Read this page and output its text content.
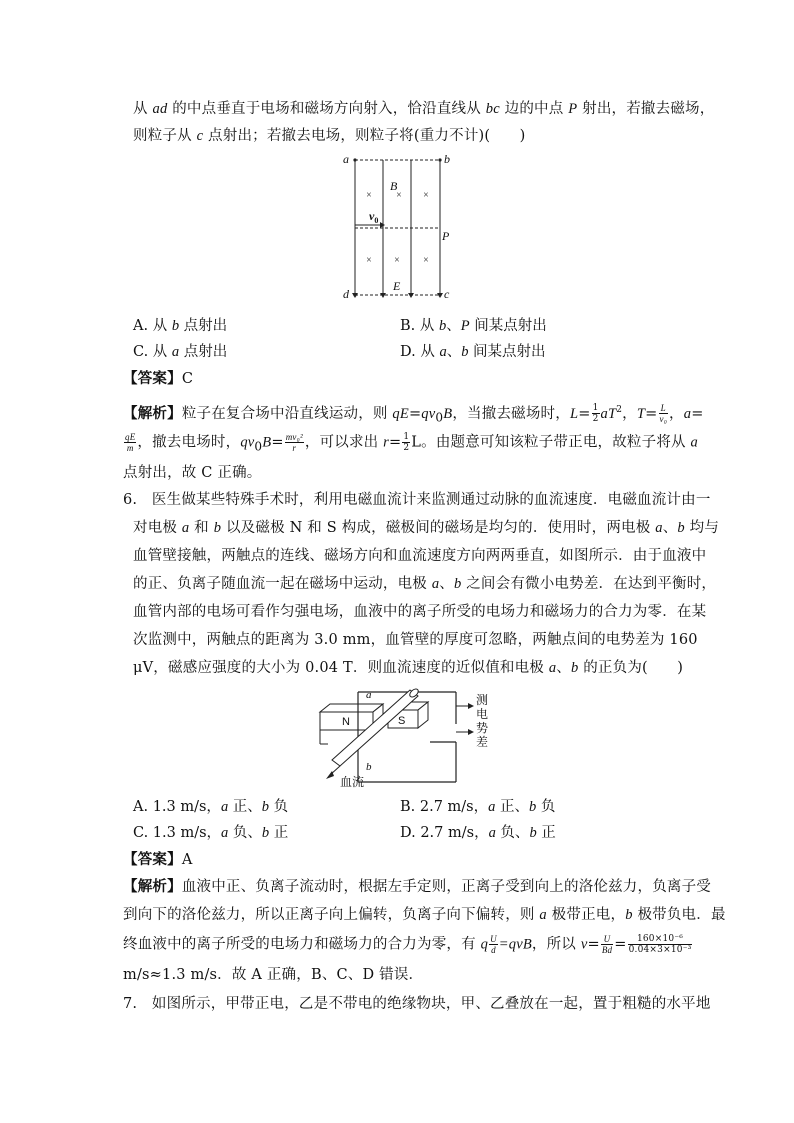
从 ad 的中点垂直于电场和磁场方向射入，恰沿直线从 bc 边的中点 P 射出，若撤去磁场，
则粒子从 c 点射出；若撤去电场，则粒子将(重力不计)(　　)
× × ×
× × ×
a	b
c
d
B
E
P
$v_0$
A. 从 b 点射出	B. 从 b、P 间某点射出
C. 从 a 点射出	D. 从 a、b 间某点射出
【答案】C
【解析】粒子在复合场中沿直线运动，则 $qE=qv_0B$，当撤去磁场时，$L= \frac{1}{2} aT^2$，$T= \frac{L}{\text{v₀}}$ ，a=
$\frac{qE}{m}$ ，撤去电场时，$qv_0B= \frac{\text{mv₀²}}{r}$ ，可以求出 $r= \frac{1}{2}$ L。由题意可知该粒子带正电，故粒子将从 a
点射出，故 C 正确。
6.　医生做某些特殊手术时，利用电磁血流计来监测通过动脉的血流速度．电磁血流计由一
对电极 a 和 b 以及磁极 N 和 S 构成，磁极间的磁场是均匀的．使用时，两电极 a、b 均与
血管壁接触，两触点的连线、磁场方向和血流速度方向两两垂直，如图所示．由于血液中
的正、负离子随血流一起在磁场中运动，电极 a、b 之间会有微小电势差．在达到平衡时，
血管内部的电场可看作匀强电场，血液中的离子所受的电场力和磁场力的合力为零．在某
次监测中，两触点的距离为 3.0 mm，血管壁的厚度可忽略，两触点间的电势差为 160
μV，磁感应强度的大小为 0.04 T．则血流速度的近似值和电极 a、b 的正负为(　　)
N	S
a
b
血流
测
电
势
差
A. 1.3 m/s，a 正、b 负	B. 2.7 m/s，a 正、b 负
C. 1.3 m/s，a 负、b 正	D. 2.7 m/s，a 负、b 正
【答案】A
【解析】血液中正、负离子流动时，根据左手定则，正离子受到向上的洛伦兹力，负离子受
到向下的洛伦兹力，所以正离子向上偏转，负离子向下偏转，则 a 极带正电，b 极带负电．最
终血液中的离子所受的电场力和磁场力的合力为零，有 q $\frac{U}{d} =qvB$，所以 $v= \frac{U}{Bd} = \frac{\text{160×10⁻⁶}}{\text{0.04×3×10⁻³}}$
m/s≈1.3 m/s．故 A 正确，B、C、D 错误．
7.　如图所示，甲带正电，乙是不带电的绝缘物块，甲、乙叠放在一起，置于粗糙的水平地
